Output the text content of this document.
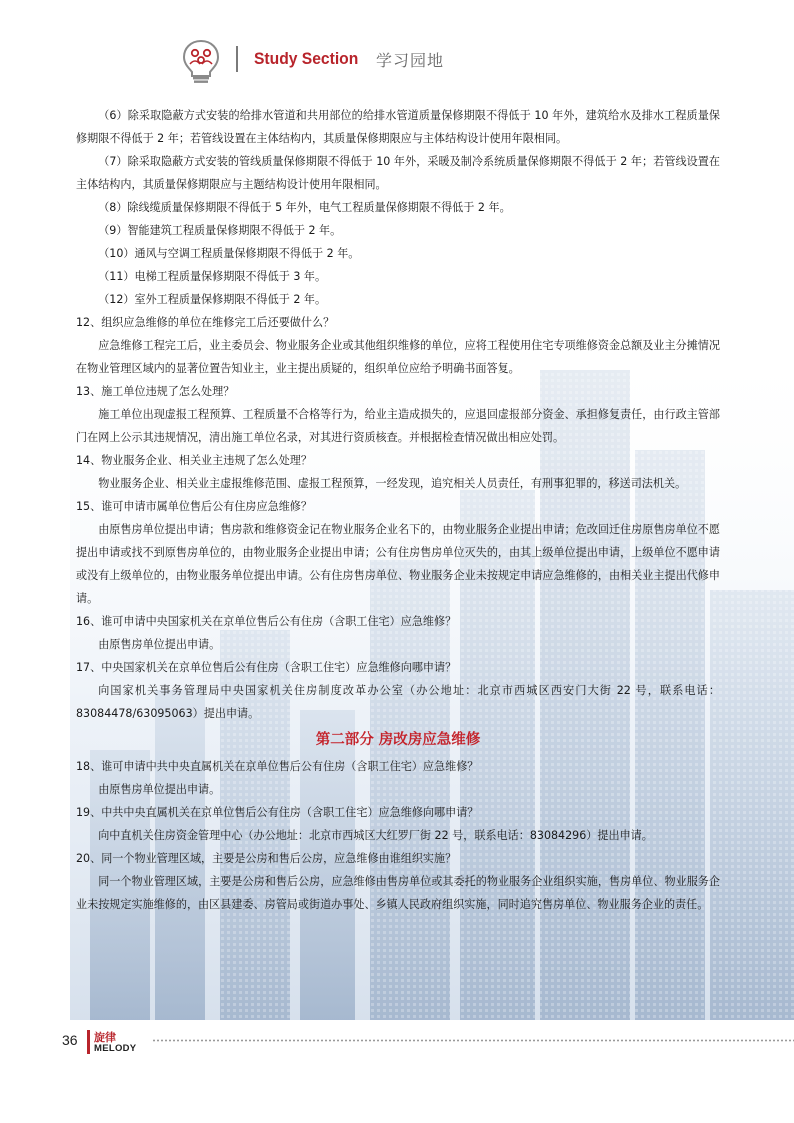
Study Section 学习园地

（6）除采取隐蔽方式安装的给排水管道和共用部位的给排水管道质量保修期限不得低于 10 年外，建筑给水及排水工程质量保修期限不得低于 2 年；若管线设置在主体结构内，其质量保修期限应与主体结构设计使用年限相同。

（7）除采取隐蔽方式安装的管线质量保修期限不得低于 10 年外，采暖及制冷系统质量保修期限不得低于 2 年；若管线设置在主体结构内，其质量保修期限应与主题结构设计使用年限相同。

（8）除线缆质量保修期限不得低于 5 年外，电气工程质量保修期限不得低于 2 年。

（9）智能建筑工程质量保修期限不得低于 2 年。

（10）通风与空调工程质量保修期限不得低于 2 年。

（11）电梯工程质量保修期限不得低于 3 年。

（12）室外工程质量保修期限不得低于 2 年。

12、组织应急维修的单位在维修完工后还要做什么？

应急维修工程完工后，业主委员会、物业服务企业或其他组织维修的单位，应将工程使用住宅专项维修资金总额及业主分摊情况在物业管理区域内的显著位置告知业主，业主提出质疑的，组织单位应给予明确书面答复。

13、施工单位违规了怎么处理？

施工单位出现虚报工程预算、工程质量不合格等行为，给业主造成损失的，应退回虚报部分资金、承担修复责任，由行政主管部门在网上公示其违规情况，清出施工单位名录，对其进行资质核查。并根据检查情况做出相应处罚。

14、物业服务企业、相关业主违规了怎么处理？

物业服务企业、相关业主虚报维修范围、虚报工程预算，一经发现，追究相关人员责任，有刑事犯罪的，移送司法机关。

15、谁可申请市属单位售后公有住房应急维修？

由原售房单位提出申请；售房款和维修资金记在物业服务企业名下的，由物业服务企业提出申请；危改回迁住房原售房单位不愿提出申请或找不到原售房单位的，由物业服务企业提出申请；公有住房售房单位灭失的，由其上级单位提出申请，上级单位不愿申请或没有上级单位的，由物业服务单位提出申请。公有住房售房单位、物业服务企业未按规定申请应急维修的，由相关业主提出代修申请。

16、谁可申请中央国家机关在京单位售后公有住房（含职工住宅）应急维修？

由原售房单位提出申请。

17、中央国家机关在京单位售后公有住房（含职工住宅）应急维修向哪申请？

向国家机关事务管理局中央国家机关住房制度改革办公室（办公地址：北京市西城区西安门大街 22 号，联系电话：83084478/63095063）提出申请。

第二部分 房改房应急维修

18、谁可申请中共中央直属机关在京单位售后公有住房（含职工住宅）应急维修？

由原售房单位提出申请。

19、中共中央直属机关在京单位售后公有住房（含职工住宅）应急维修向哪申请？

向中直机关住房资金管理中心（办公地址：北京市西城区大红罗厂街 22 号，联系电话：83084296）提出申请。

20、同一个物业管理区域，主要是公房和售后公房，应急维修由谁组织实施？

同一个物业管理区域，主要是公房和售后公房，应急维修由售房单位或其委托的物业服务企业组织实施，售房单位、物业服务企业未按规定实施维修的，由区县建委、房管局或街道办事处、乡镇人民政府组织实施，同时追究售房单位、物业服务企业的责任。

36 旋律
MELODY
